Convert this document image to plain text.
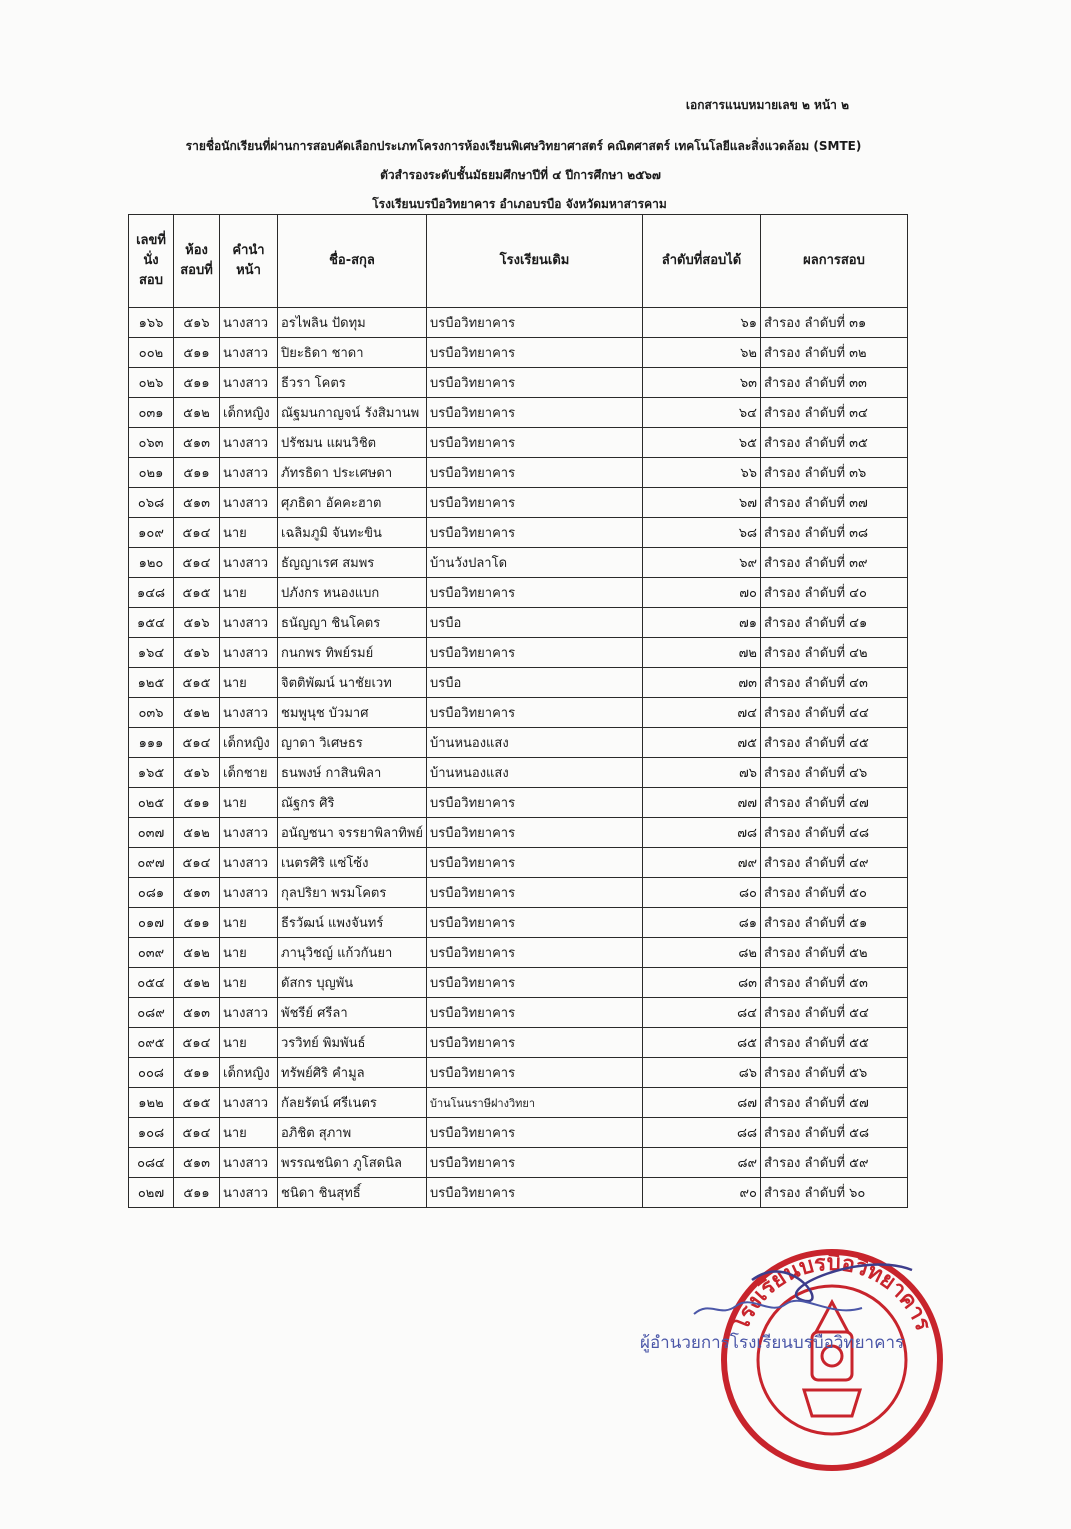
เอกสารแนบหมายเลข ๒ หน้า ๒
รายชื่อนักเรียนที่ผ่านการสอบคัดเลือกประเภทโครงการห้องเรียนพิเศษวิทยาศาสตร์ คณิตศาสตร์ เทคโนโลยีและสิ่งแวดล้อม (SMTE)
ตัวสำรองระดับชั้นมัธยมศึกษาปีที่ ๔ ปีการศึกษา ๒๕๖๗
โรงเรียนบรบือวิทยาคาร อำเภอบรบือ จังหวัดมหาสารคาม
เลขที่นั่งสอบ	ห้องสอบที่	คำนำหน้า	ชื่อ-สกุล	โรงเรียนเดิม	ลำดับที่สอบได้	ผลการสอบ
๑๖๖	๕๑๖	นางสาว	อรไพลิน ปัดทุม	บรบือวิทยาคาร	๖๑	สำรอง ลำดับที่ ๓๑
๐๐๒	๕๑๑	นางสาว	ปิยะธิดา ชาดา	บรบือวิทยาคาร	๖๒	สำรอง ลำดับที่ ๓๒
๐๒๖	๕๑๑	นางสาว	ธีวรา โคตร	บรบือวิทยาคาร	๖๓	สำรอง ลำดับที่ ๓๓
๐๓๑	๕๑๒	เด็กหญิง	ณัฐมนกาญจน์ รังสิมานพ	บรบือวิทยาคาร	๖๔	สำรอง ลำดับที่ ๓๔
๐๖๓	๕๑๓	นางสาว	ปรัชมน แผนวิชิต	บรบือวิทยาคาร	๖๕	สำรอง ลำดับที่ ๓๕
๐๒๑	๕๑๑	นางสาว	ภัทรธิดา ประเศษดา	บรบือวิทยาคาร	๖๖	สำรอง ลำดับที่ ๓๖
๐๖๘	๕๑๓	นางสาว	ศุภธิดา อัคคะฮาต	บรบือวิทยาคาร	๖๗	สำรอง ลำดับที่ ๓๗
๑๐๙	๕๑๔	นาย	เฉลิมภูมิ จันทะขิน	บรบือวิทยาคาร	๖๘	สำรอง ลำดับที่ ๓๘
๑๒๐	๕๑๔	นางสาว	ธัญญาเรศ สมพร	บ้านวังปลาโด	๖๙	สำรอง ลำดับที่ ๓๙
๑๔๘	๕๑๕	นาย	ปภังกร หนองแบก	บรบือวิทยาคาร	๗๐	สำรอง ลำดับที่ ๔๐
๑๕๔	๕๑๖	นางสาว	ธนัญญา ชินโคตร	บรบือ	๗๑	สำรอง ลำดับที่ ๔๑
๑๖๔	๕๑๖	นางสาว	กนกพร ทิพย์รมย์	บรบือวิทยาคาร	๗๒	สำรอง ลำดับที่ ๔๒
๑๒๕	๕๑๕	นาย	จิตติพัฒน์ นาชัยเวท	บรบือ	๗๓	สำรอง ลำดับที่ ๔๓
๐๓๖	๕๑๒	นางสาว	ชมพูนุช บัวมาศ	บรบือวิทยาคาร	๗๔	สำรอง ลำดับที่ ๔๔
๑๑๑	๕๑๔	เด็กหญิง	ญาดา วิเศษธร	บ้านหนองแสง	๗๕	สำรอง ลำดับที่ ๔๕
๑๖๕	๕๑๖	เด็กชาย	ธนพงษ์ กาสินพิลา	บ้านหนองแสง	๗๖	สำรอง ลำดับที่ ๔๖
๐๒๕	๕๑๑	นาย	ณัฐกร ศิริ	บรบือวิทยาคาร	๗๗	สำรอง ลำดับที่ ๔๗
๐๓๗	๕๑๒	นางสาว	อนัญชนา จรรยาพิลาทิพย์	บรบือวิทยาคาร	๗๘	สำรอง ลำดับที่ ๔๘
๐๙๗	๕๑๔	นางสาว	เนตรศิริ แซ่โซ้ง	บรบือวิทยาคาร	๗๙	สำรอง ลำดับที่ ๔๙
๐๘๑	๕๑๓	นางสาว	กุลปริยา พรมโคตร	บรบือวิทยาคาร	๘๐	สำรอง ลำดับที่ ๕๐
๐๑๗	๕๑๑	นาย	ธีรวัฒน์ แพงจันทร์	บรบือวิทยาคาร	๘๑	สำรอง ลำดับที่ ๕๑
๐๓๙	๕๑๒	นาย	ภานุวิชญ์ แก้วกันยา	บรบือวิทยาคาร	๘๒	สำรอง ลำดับที่ ๕๒
๐๕๔	๕๑๒	นาย	ดัสกร บุญพัน	บรบือวิทยาคาร	๘๓	สำรอง ลำดับที่ ๕๓
๐๘๙	๕๑๓	นางสาว	พัชรีย์ ศรีลา	บรบือวิทยาคาร	๘๔	สำรอง ลำดับที่ ๕๔
๐๙๕	๕๑๔	นาย	วรวิทย์ พิมพันธ์	บรบือวิทยาคาร	๘๕	สำรอง ลำดับที่ ๕๕
๐๐๘	๕๑๑	เด็กหญิง	ทรัพย์ศิริ คำมูล	บรบือวิทยาคาร	๘๖	สำรอง ลำดับที่ ๕๖
๑๒๒	๕๑๕	นางสาว	กัลยรัตน์ ศรีเนตร	บ้านโนนราษีฝางวิทยา	๘๗	สำรอง ลำดับที่ ๕๗
๑๐๘	๕๑๔	นาย	อภิชิต สุภาพ	บรบือวิทยาคาร	๘๘	สำรอง ลำดับที่ ๕๘
๐๘๔	๕๑๓	นางสาว	พรรณชนิดา ภูโสดนิล	บรบือวิทยาคาร	๘๙	สำรอง ลำดับที่ ๕๙
๐๒๗	๕๑๑	นางสาว	ชนิดา ชินสุทธิ์	บรบือวิทยาคาร	๙๐	สำรอง ลำดับที่ ๖๐
โรงเรียนบรบือวิทยาคาร
ผู้อำนวยการโรงเรียนบรบือวิทยาคาร
